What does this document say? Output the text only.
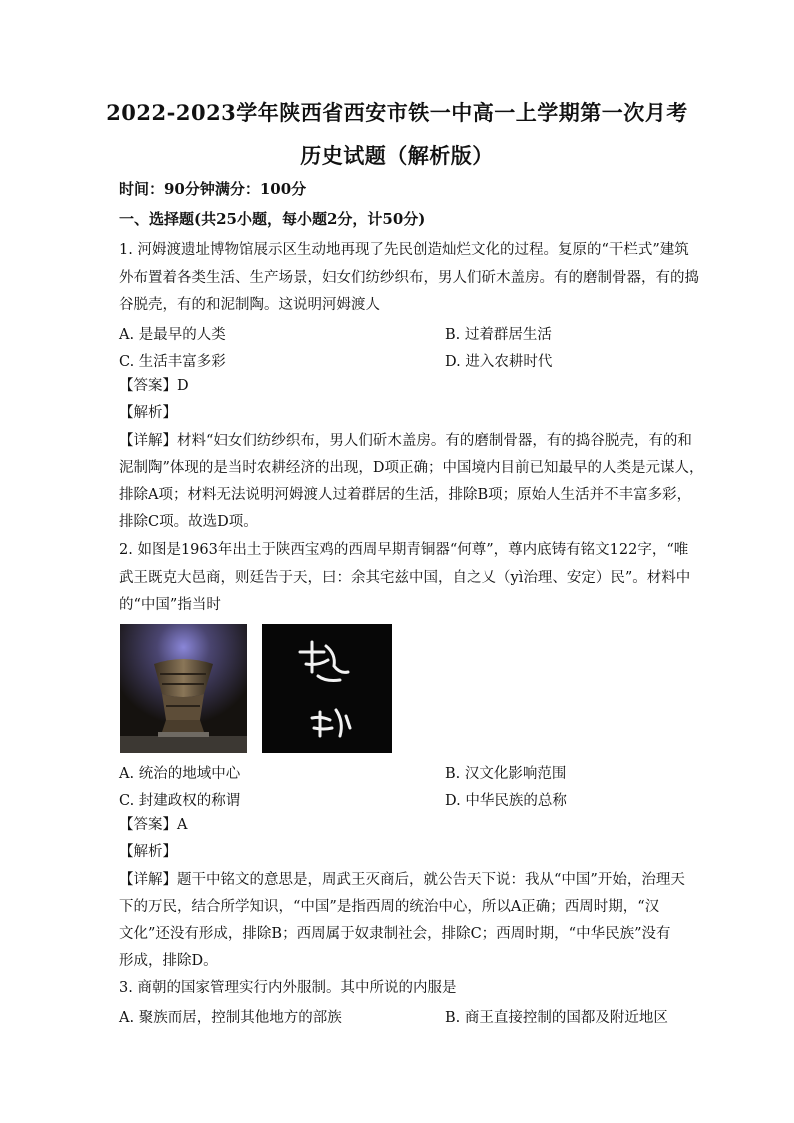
2022-2023学年陕西省西安市铁一中高一上学期第一次月考
历史试题（解析版）
时间：90分钟满分：100分
一、选择题(共25小题，每小题2分，计50分)
1. 河姆渡遗址博物馆展示区生动地再现了先民创造灿烂文化的过程。复原的“干栏式”建筑
外布置着各类生活、生产场景，妇女们纺纱织布，男人们斫木盖房。有的磨制骨器，有的捣
谷脱壳，有的和泥制陶。这说明河姆渡人
A. 是最早的人类	B. 过着群居生活
C. 生活丰富多彩	D. 进入农耕时代
【答案】D
【解析】
【详解】材料“妇女们纺纱织布，男人们斫木盖房。有的磨制骨器，有的捣谷脱壳，有的和
泥制陶”体现的是当时农耕经济的出现，D项正确；中国境内目前已知最早的人类是元谋人，
排除A项；材料无法说明河姆渡人过着群居的生活，排除B项；原始人生活并不丰富多彩，
排除C项。故选D项。
2. 如图是1963年出土于陕西宝鸡的西周早期青铜器“何尊”，尊内底铸有铭文122字，“唯
武王既克大邑商，则廷告于天，曰：余其宅兹中国，自之乂（yì治理、安定）民”。材料中
的“中国”指当时
A. 统治的地域中心	B. 汉文化影响范围
C. 封建政权的称谓	D. 中华民族的总称
【答案】A
【解析】
【详解】题干中铭文的意思是，周武王灭商后，就公告天下说：我从“中国”开始，治理天
下的万民，结合所学知识，“中国”是指西周的统治中心，所以A正确；西周时期，“汉
文化”还没有形成，排除B；西周属于奴隶制社会，排除C；西周时期，“中华民族”没有
形成，排除D。
3. 商朝的国家管理实行内外服制。其中所说的内服是
A. 聚族而居，控制其他地方的部族	B. 商王直接控制的国都及附近地区
